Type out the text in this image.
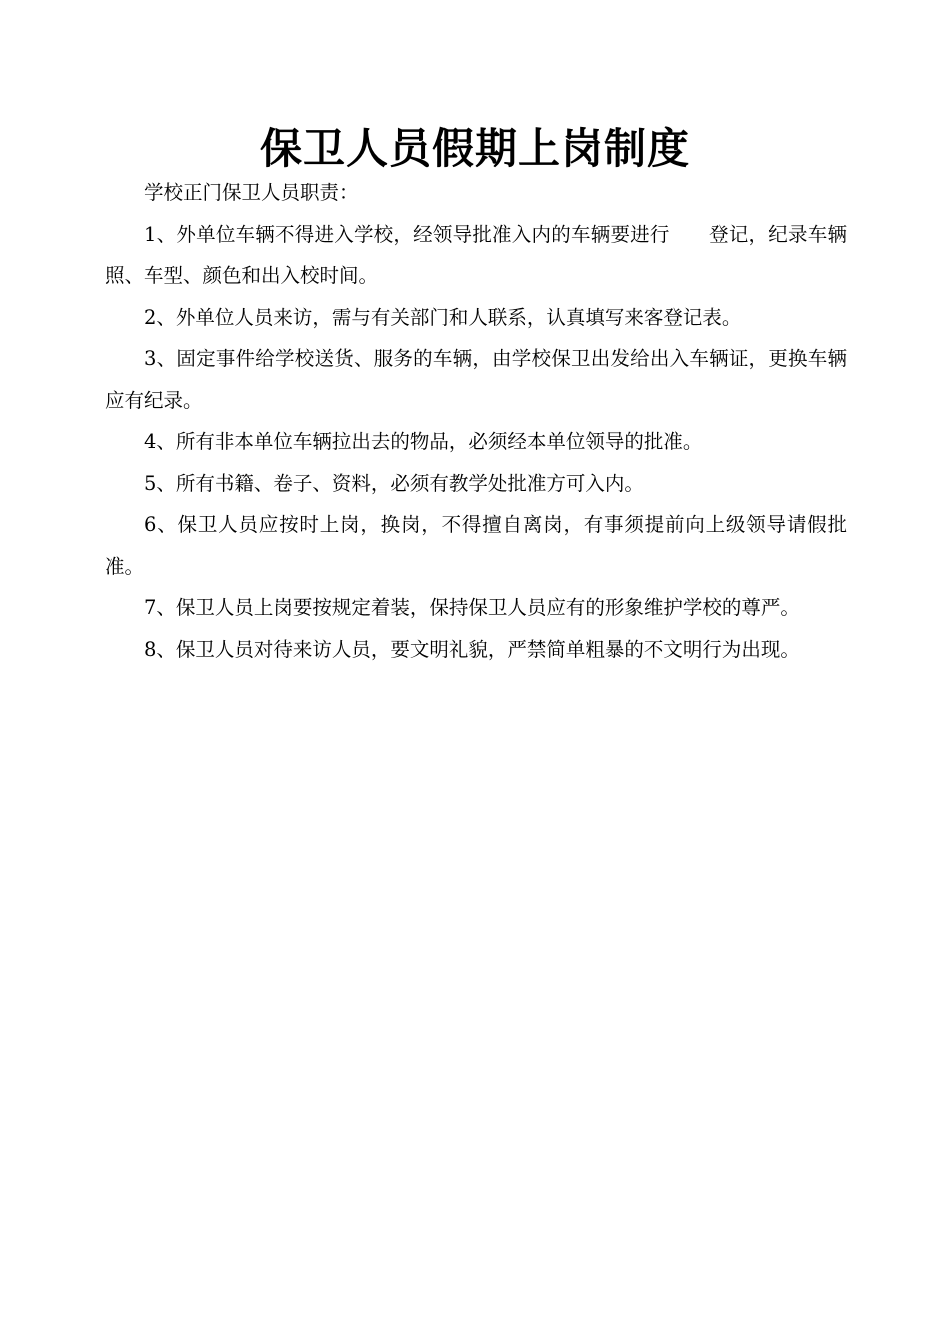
保卫人员假期上岗制度

学校正门保卫人员职责：

1、外单位车辆不得进入学校，经领导批准入内的车辆要进行　　登记，纪录车辆照、车型、颜色和出入校时间。

2、外单位人员来访，需与有关部门和人联系，认真填写来客登记表。

3、固定事件给学校送货、服务的车辆，由学校保卫出发给出入车辆证，更换车辆应有纪录。

4、所有非本单位车辆拉出去的物品，必须经本单位领导的批准。

5、所有书籍、卷子、资料，必须有教学处批准方可入内。

6、保卫人员应按时上岗，换岗，不得擅自离岗，有事须提前向上级领导请假批准。

7、保卫人员上岗要按规定着装，保持保卫人员应有的形象维护学校的尊严。

8、保卫人员对待来访人员，要文明礼貌，严禁简单粗暴的不文明行为出现。
